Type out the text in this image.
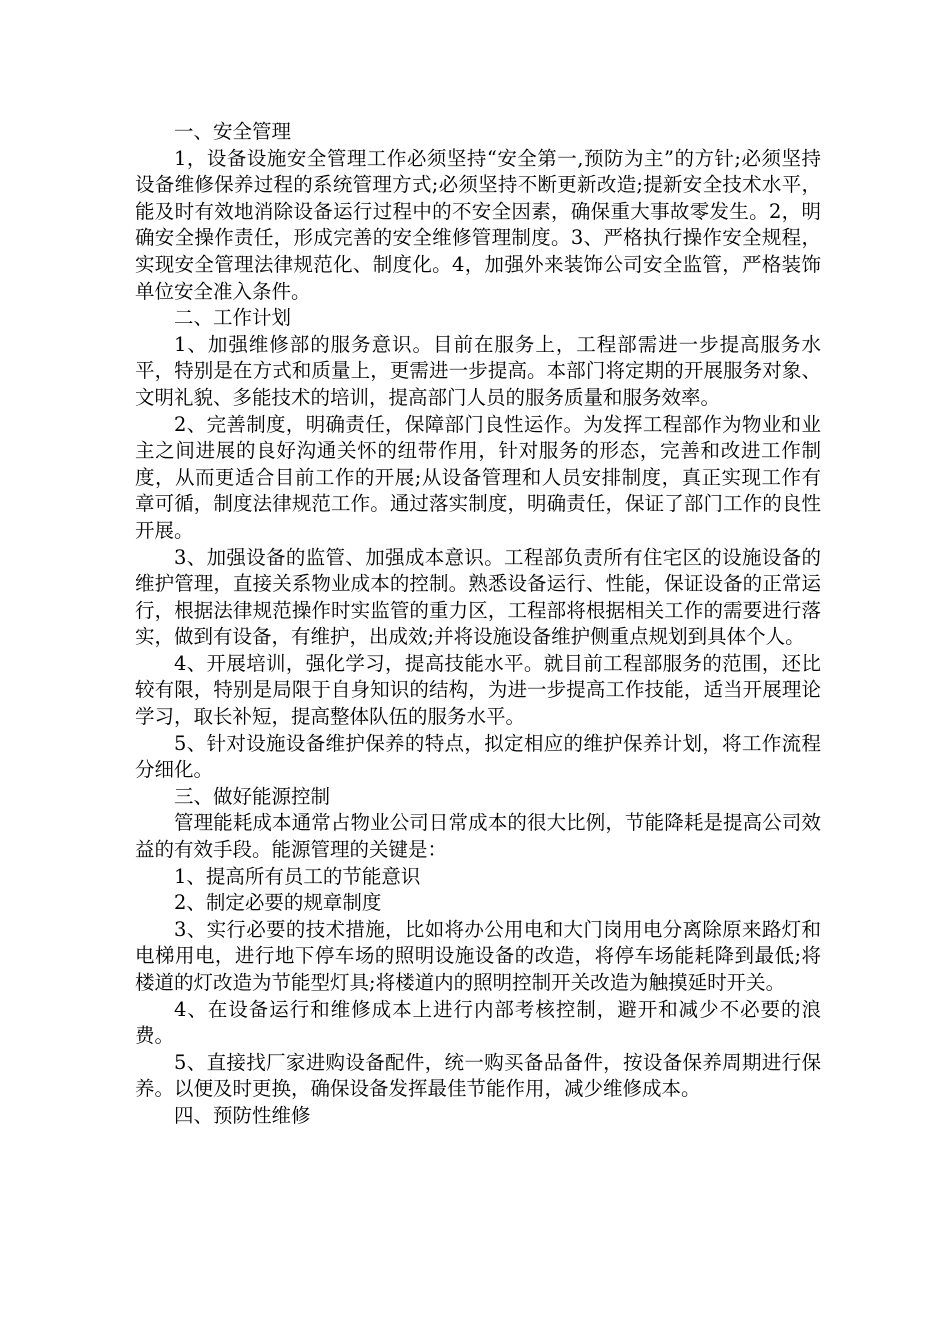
一、安全管理

1，设备设施安全管理工作必须坚持“安全第一,预防为主”的方针;必须坚持设备维修保养过程的系统管理方式;必须坚持不断更新改造;提新安全技术水平，能及时有效地消除设备运行过程中的不安全因素，确保重大事故零发生。2，明确安全操作责任，形成完善的安全维修管理制度。3、严格执行操作安全规程，实现安全管理法律规范化、制度化。4，加强外来装饰公司安全监管，严格装饰单位安全准入条件。

二、工作计划

1、加强维修部的服务意识。目前在服务上，工程部需进一步提高服务水平，特别是在方式和质量上，更需进一步提高。本部门将定期的开展服务对象、文明礼貌、多能技术的培训，提高部门人员的服务质量和服务效率。

2、完善制度，明确责任，保障部门良性运作。为发挥工程部作为物业和业主之间进展的良好沟通关怀的纽带作用，针对服务的形态，完善和改进工作制度，从而更适合目前工作的开展;从设备管理和人员安排制度，真正实现工作有章可循，制度法律规范工作。通过落实制度，明确责任，保证了部门工作的良性开展。

3、加强设备的监管、加强成本意识。工程部负责所有住宅区的设施设备的维护管理，直接关系物业成本的控制。熟悉设备运行、性能，保证设备的正常运行，根据法律规范操作时实监管的重力区，工程部将根据相关工作的需要进行落实，做到有设备，有维护，出成效;并将设施设备维护侧重点规划到具体个人。

4、开展培训，强化学习，提高技能水平。就目前工程部服务的范围，还比较有限，特别是局限于自身知识的结构，为进一步提高工作技能，适当开展理论学习，取长补短，提高整体队伍的服务水平。

5、针对设施设备维护保养的特点，拟定相应的维护保养计划，将工作流程分细化。

三、做好能源控制

管理能耗成本通常占物业公司日常成本的很大比例，节能降耗是提高公司效益的有效手段。能源管理的关键是：

1、提高所有员工的节能意识

2、制定必要的规章制度

3、实行必要的技术措施，比如将办公用电和大门岗用电分离除原来路灯和电梯用电，进行地下停车场的照明设施设备的改造，将停车场能耗降到最低;将楼道的灯改造为节能型灯具;将楼道内的照明控制开关改造为触摸延时开关。

4、在设备运行和维修成本上进行内部考核控制，避开和减少不必要的浪费。

5、直接找厂家进购设备配件，统一购买备品备件，按设备保养周期进行保养。以便及时更换，确保设备发挥最佳节能作用，减少维修成本。

四、预防性维修
